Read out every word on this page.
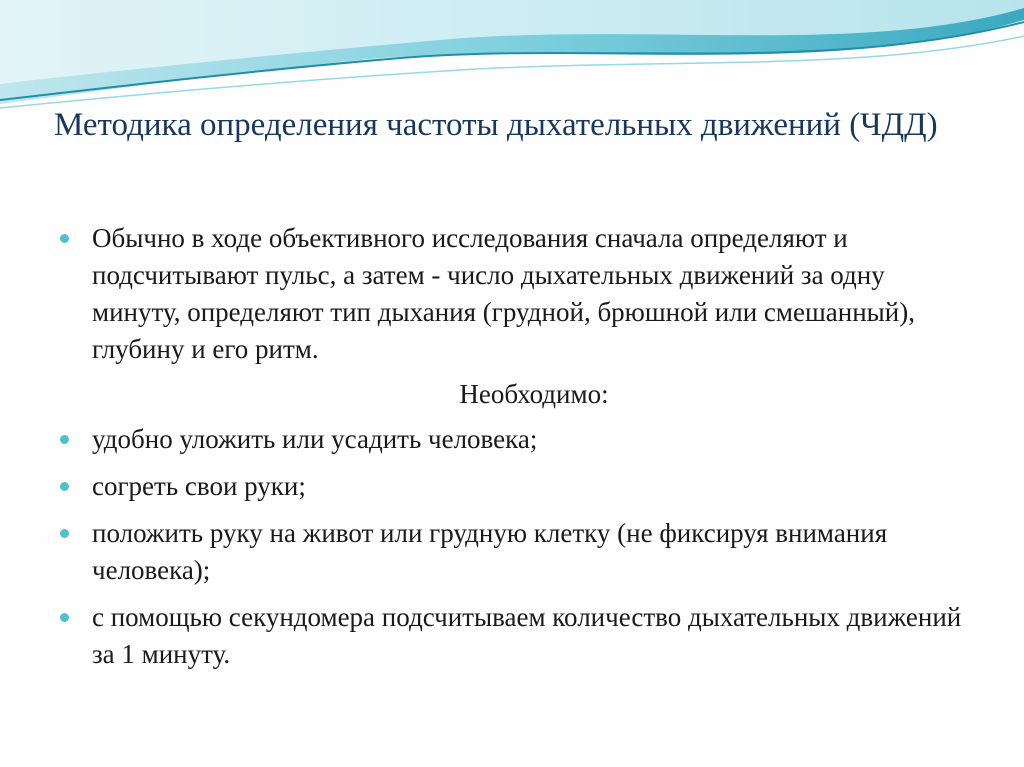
Методика определения частоты дыхательных движений (ЧДД)

Обычно в ходе объективного исследования сначала определяют и подсчитывают пульс, а затем - число дыхательных движений за одну минуту, определяют тип дыхания (грудной, брюшной или смешанный), глубину и его ритм.

Необходимо:

удобно уложить или усадить человека;

согреть свои руки;

положить руку на живот или грудную клетку (не фиксируя внимания человека);

с помощью секундомера подсчитываем количество дыхательных движений за 1 минуту.
